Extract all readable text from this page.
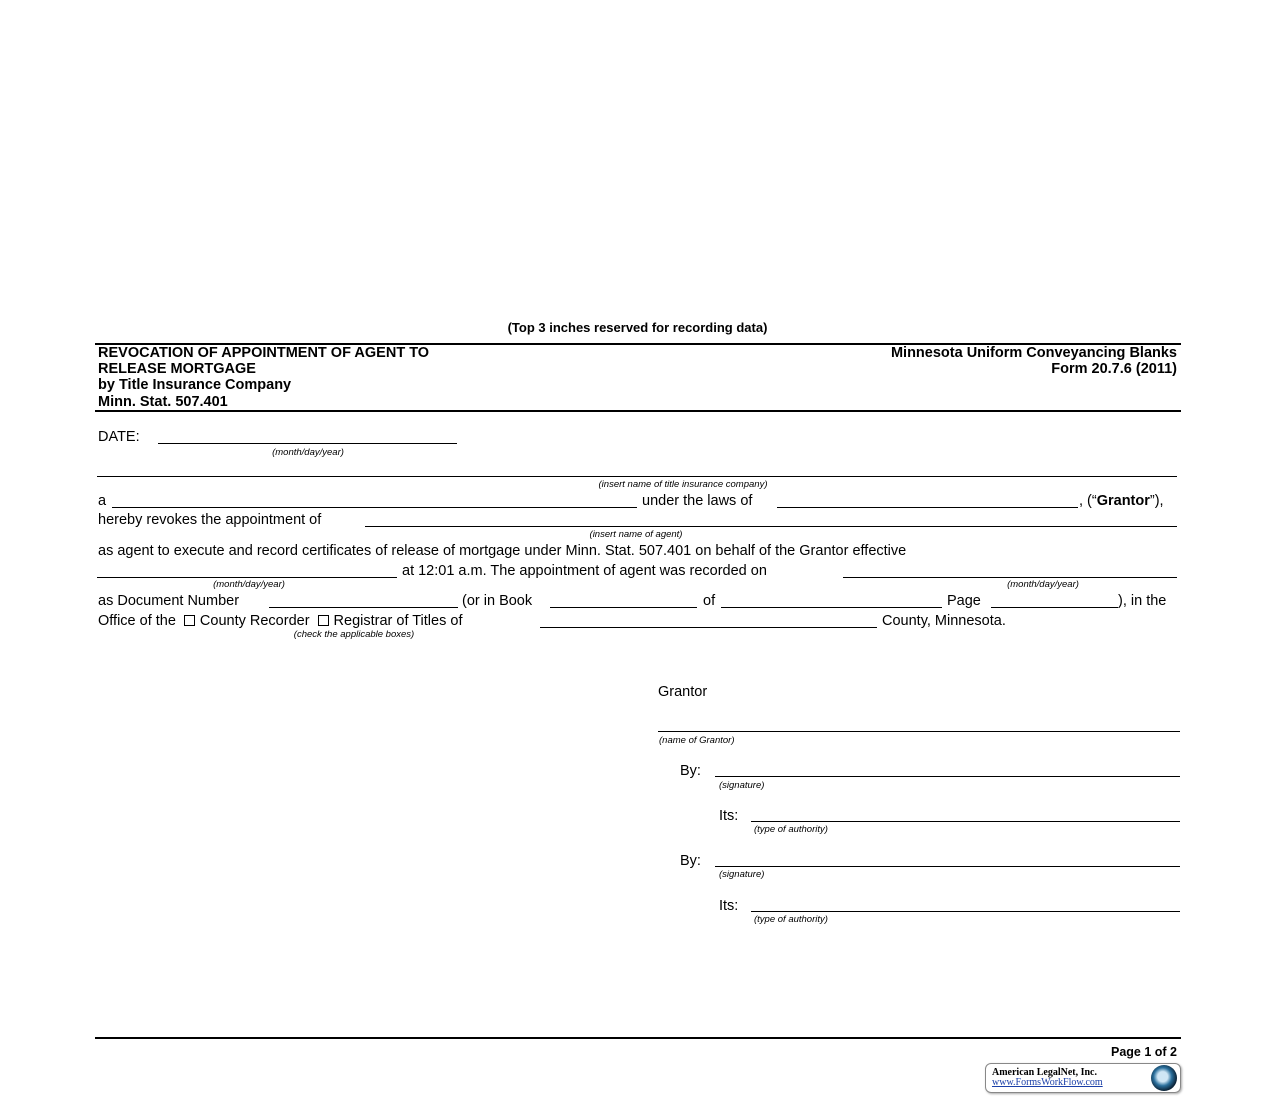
(Top 3 inches reserved for recording data)
REVOCATION OF APPOINTMENT OF AGENT TO
RELEASE MORTGAGE
by Title Insurance Company
Minn. Stat. 507.401
Minnesota Uniform Conveyancing Blanks
Form 20.7.6 (2011)
DATE:
(month/day/year)
(insert name of title insurance company)
a	under the laws of	, (“Grantor”),
hereby revokes the appointment of
(insert name of agent)
as agent to execute and record certificates of release of mortgage under Minn. Stat. 507.401 on behalf of the Grantor effective
at 12:01 a.m. The appointment of agent was recorded on
(month/day/year)	(month/day/year)
as Document Number	(or in Book	of	Page	), in the
Office of the County Recorder Registrar of Titles of	County, Minnesota.
(check the applicable boxes)
Grantor
(name of Grantor)
By:
(signature)
Its:
(type of authority)
By:
(signature)
Its:
(type of authority)
Page 1 of 2
American LegalNet, Inc.
www.FormsWorkFlow.com
